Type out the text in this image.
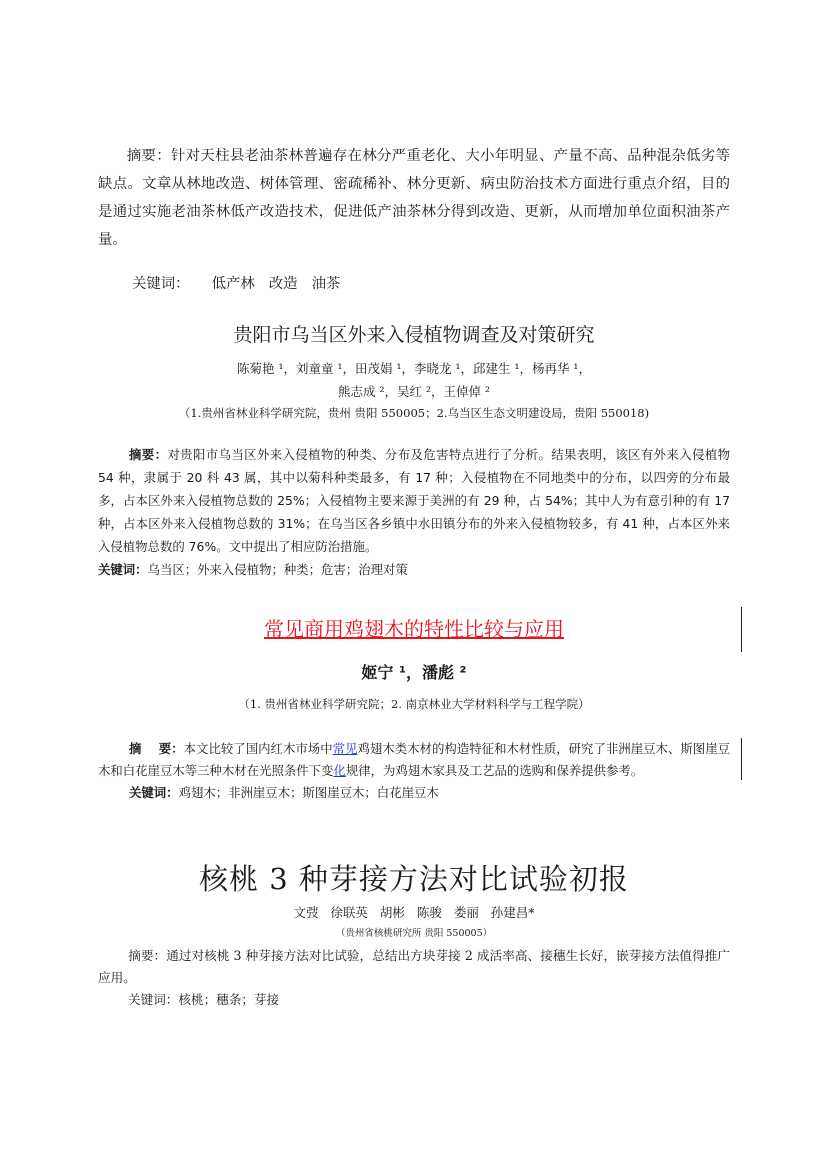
摘要：针对天柱县老油茶林普遍存在林分严重老化、大小年明显、产量不高、品种混杂低劣等缺点。文章从林地改造、树体管理、密疏稀补、林分更新、病虫防治技术方面进行重点介绍，目的是通过实施老油茶林低产改造技术，促进低产油茶林分得到改造、更新，从而增加单位面积油茶产量。

关键词： 低产林 改造 油茶
贵阳市乌当区外来入侵植物调查及对策研究
陈菊艳 ¹，刘童童 ¹，田茂娟 ¹，李晓龙 ¹，邱建生 ¹，杨再华 ¹，
熊志成 ²，吴红 ²，王倬倬 ²
（1.贵州省林业科学研究院，贵州 贵阳 550005；2.乌当区生态文明建设局，贵阳 550018)

摘要：对贵阳市乌当区外来入侵植物的种类、分布及危害特点进行了分析。结果表明，该区有外来入侵植物 54 种，隶属于 20 科 43 属，其中以菊科种类最多，有 17 种；入侵植物在不同地类中的分布，以四旁的分布最多，占本区外来入侵植物总数的 25%；入侵植物主要来源于美洲的有 29 种，占 54%；其中人为有意引种的有 17 种，占本区外来入侵植物总数的 31%；在乌当区各乡镇中水田镇分布的外来入侵植物较多，有 41 种，占本区外来入侵植物总数的 76%。文中提出了相应防治措施。

关键词：乌当区；外来入侵植物；种类；危害；治理对策

常见商用鸡翅木的特性比较与应用
姬宁 ¹，潘彪 ²
（1. 贵州省林业科学研究院；2. 南京林业大学材料科学与工程学院）

摘    要：本文比较了国内红木市场中常见鸡翅木类木材的构造特征和木材性质，研究了非洲崖豆木、斯图崖豆木和白花崖豆木等三种木材在光照条件下变化规律，为鸡翅木家具及工艺品的选购和保养提供参考。

关键词：鸡翅木；非洲崖豆木；斯图崖豆木；白花崖豆木

核桃 3 种芽接方法对比试验初报
文弢 徐联英 胡彬 陈骏 娄丽 孙建昌*
（贵州省核桃研究所 贵阳 550005）

摘要：通过对核桃 3 种芽接方法对比试验，总结出方块芽接 2 成活率高、接穗生长好，嵌芽接方法值得推广应用。

关键词：核桃；穗条；芽接
